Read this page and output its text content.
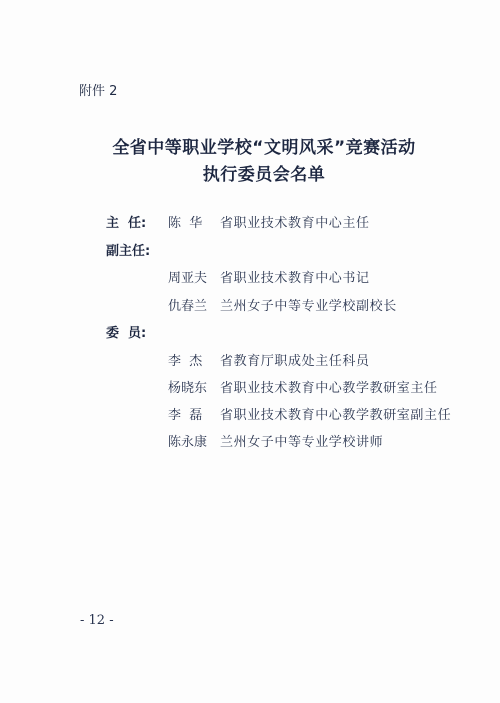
附件 2
全省中等职业学校“文明风采”竞赛活动
执行委员会名单
主  任: 陈  华 省职业技术教育中心主任
副主任:
周亚夫 省职业技术教育中心书记
仇春兰 兰州女子中等专业学校副校长
委  员:
李  杰 省教育厅职成处主任科员
杨晓东 省职业技术教育中心教学教研室主任
李  磊 省职业技术教育中心教学教研室副主任
陈永康 兰州女子中等专业学校讲师
- 12 -
